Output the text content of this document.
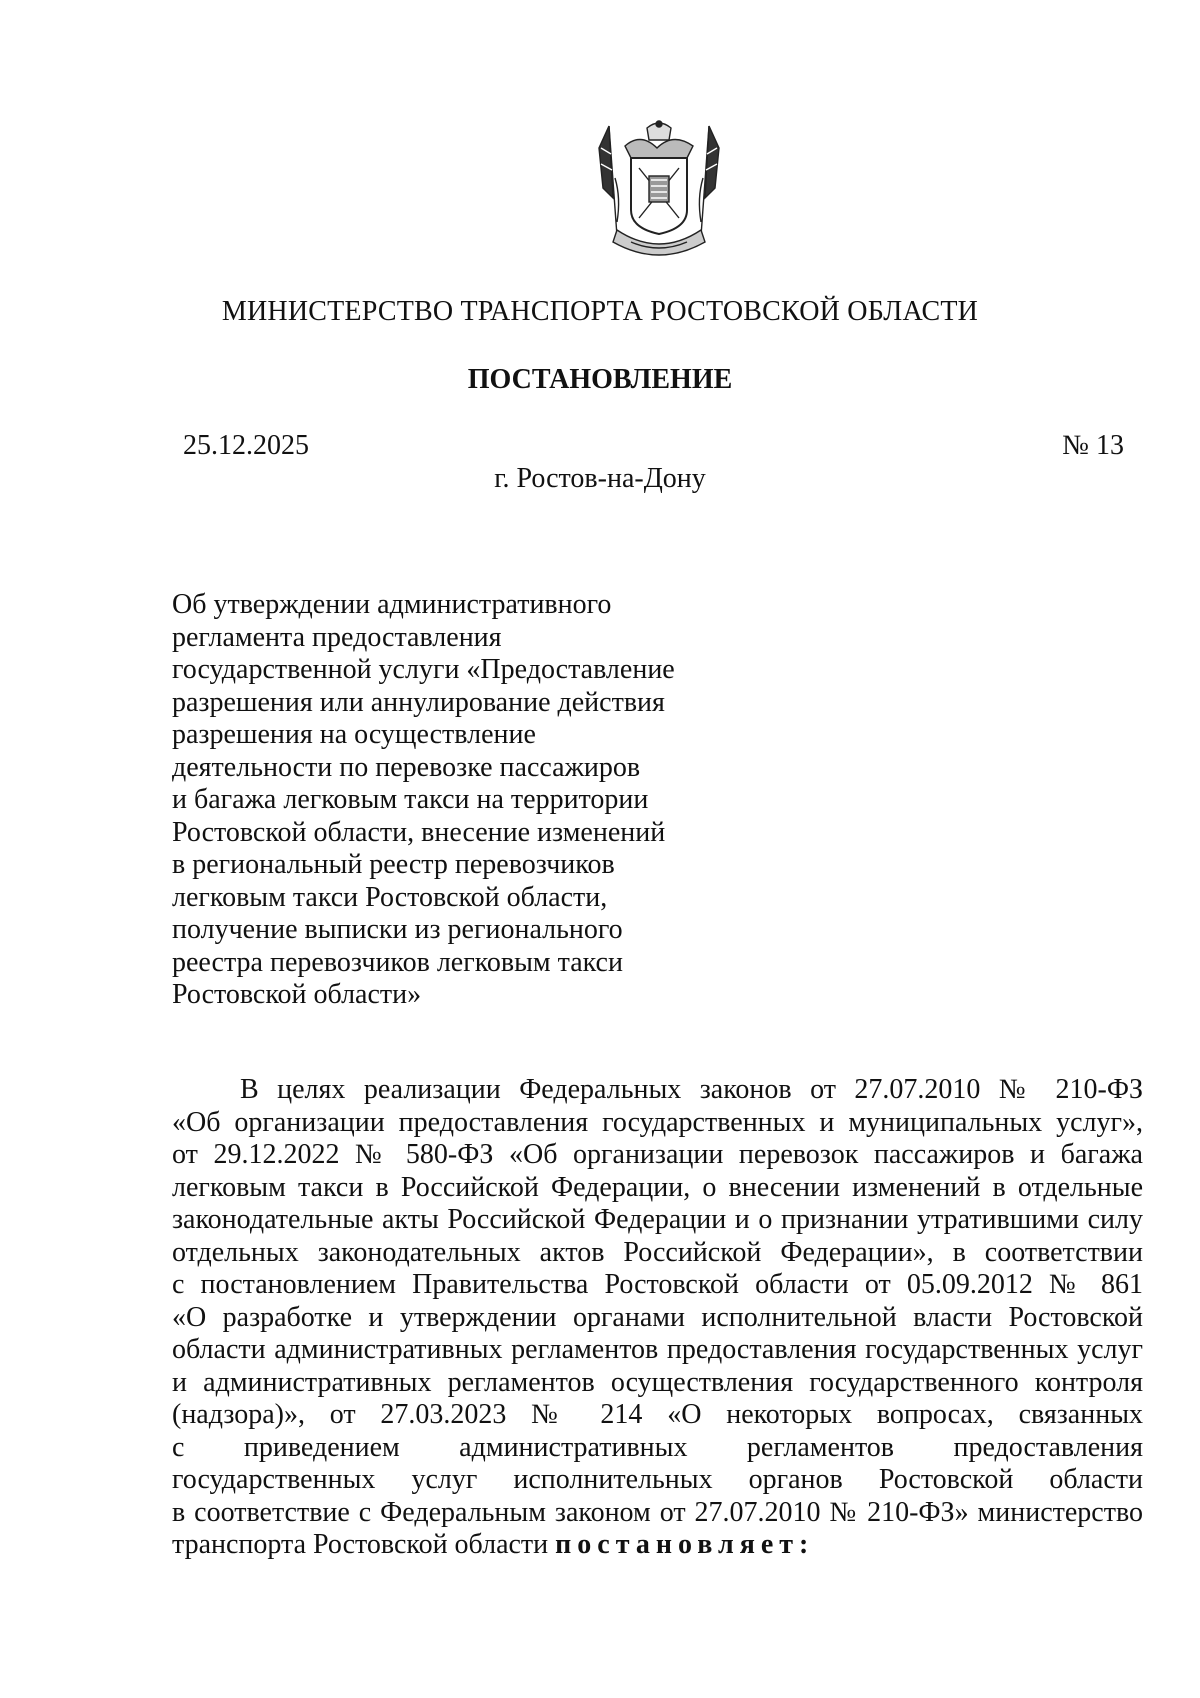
МИНИСТЕРСТВО ТРАНСПОРТА РОСТОВСКОЙ ОБЛАСТИ
ПОСТАНОВЛЕНИЕ
25.12.2025	№ 13
г. Ростов-на-Дону
Об утверждении административного
регламента предоставления
государственной услуги «Предоставление
разрешения или аннулирование действия
разрешения на осуществление
деятельности по перевозке пассажиров
и багажа легковым такси на территории
Ростовской области, внесение изменений
в региональный реестр перевозчиков
легковым такси Ростовской области,
получение выписки из регионального
реестра перевозчиков легковым такси
Ростовской области»
В целях реализации Федеральных законов от 27.07.2010 № 210-ФЗ
«Об организации предоставления государственных и муниципальных услуг»,
от 29.12.2022 № 580-ФЗ «Об организации перевозок пассажиров и багажа
легковым такси в Российской Федерации, о внесении изменений в отдельные
законодательные акты Российской Федерации и о признании утратившими силу
отдельных законодательных актов Российской Федерации», в соответствии
с постановлением Правительства Ростовской области от 05.09.2012 № 861
«О разработке и утверждении органами исполнительной власти Ростовской
области административных регламентов предоставления государственных услуг
и административных регламентов осуществления государственного контроля
(надзора)», от 27.03.2023 № 214 «О некоторых вопросах, связанных
с приведением административных регламентов предоставления
государственных услуг исполнительных органов Ростовской области
в соответствие с Федеральным законом от 27.07.2010 № 210-ФЗ» министерство
транспорта Ростовской области постановляет:
